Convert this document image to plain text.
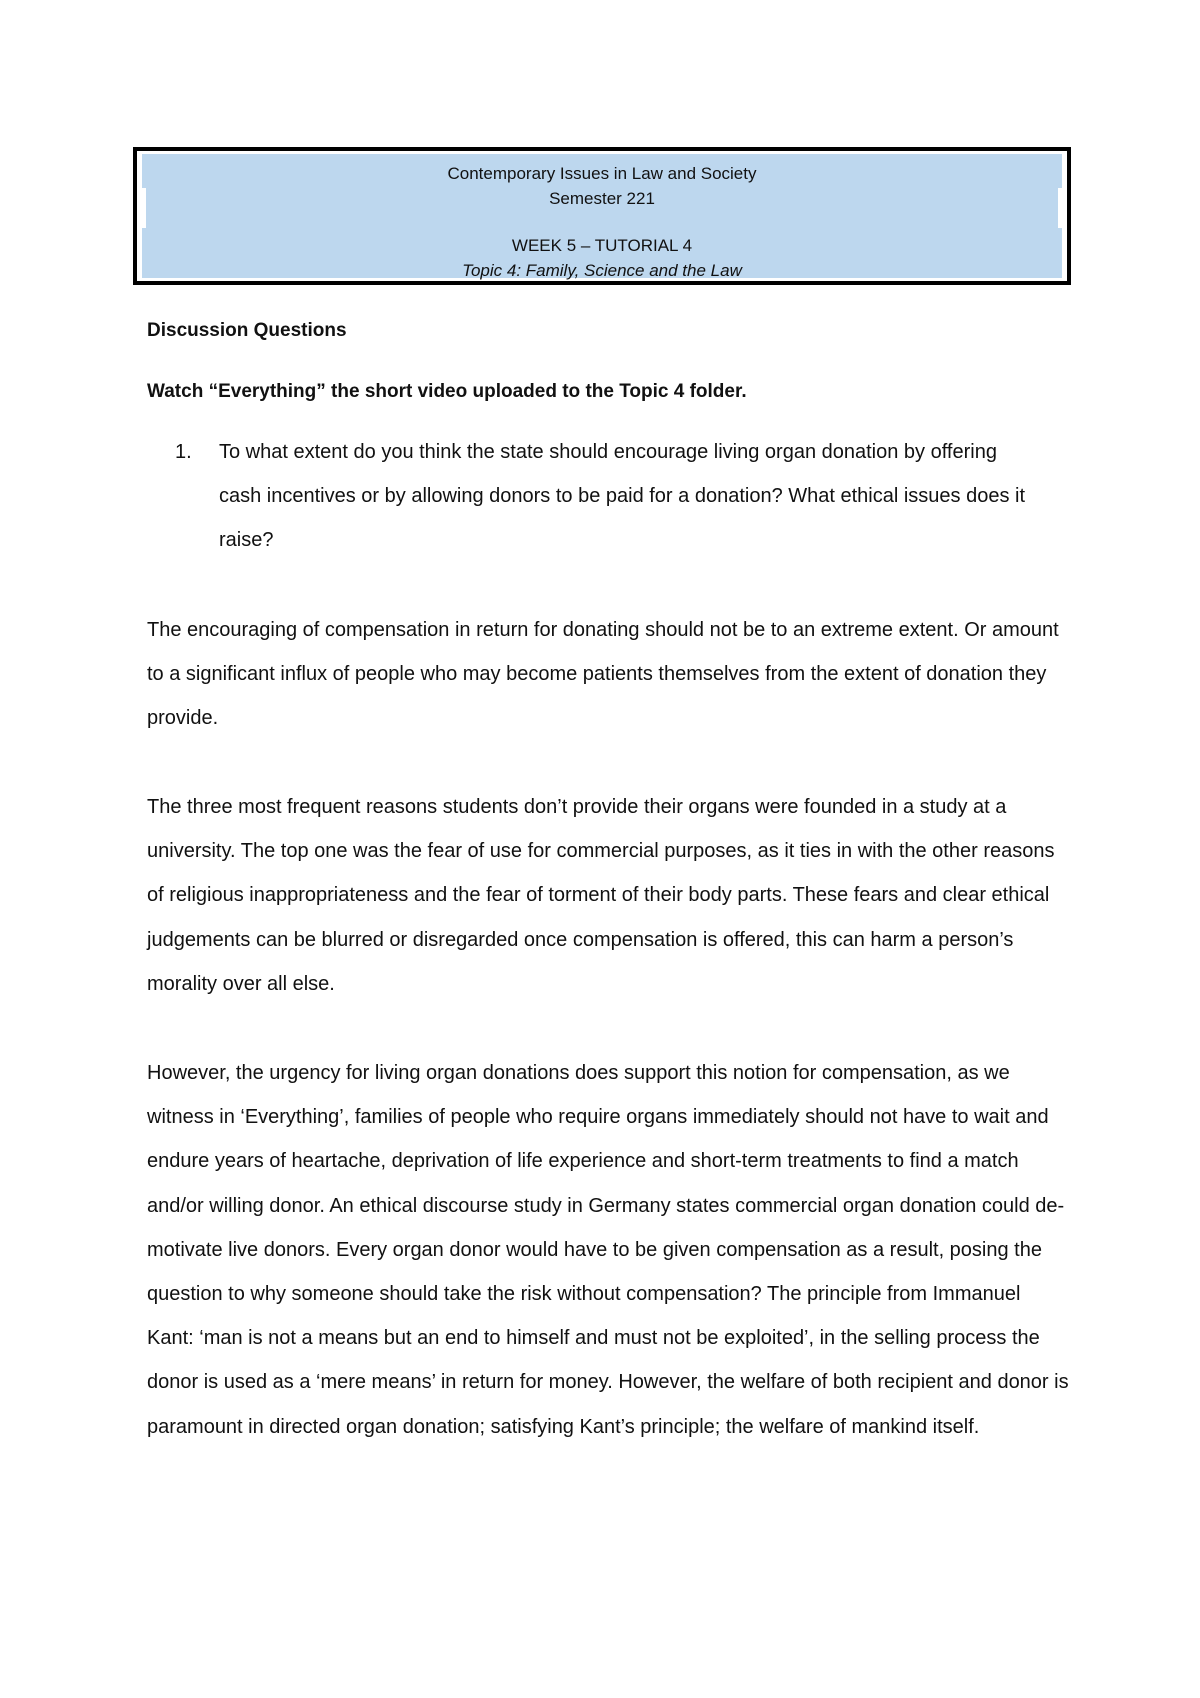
Contemporary Issues in Law and Society
Semester 221
WEEK 5 – TUTORIAL 4
Topic 4: Family, Science and the Law
Discussion Questions
Watch “Everything” the short video uploaded to the Topic 4 folder.
1.	To what extent do you think the state should encourage living organ donation by offering cash incentives or by allowing donors to be paid for a donation? What ethical issues does it raise?

The encouraging of compensation in return for donating should not be to an extreme extent. Or amount to a significant influx of people who may become patients themselves from the extent of donation they provide.

The three most frequent reasons students don’t provide their organs were founded in a study at a university. The top one was the fear of use for commercial purposes, as it ties in with the other reasons of religious inappropriateness and the fear of torment of their body parts. These fears and clear ethical judgements can be blurred or disregarded once compensation is offered, this can harm a person’s morality over all else.

However, the urgency for living organ donations does support this notion for compensation, as we witness in ‘Everything’, families of people who require organs immediately should not have to wait and endure years of heartache, deprivation of life experience and short-term treatments to find a match and/or willing donor. An ethical discourse study in Germany states commercial organ donation could de-motivate live donors. Every organ donor would have to be given compensation as a result, posing the question to why someone should take the risk without compensation? The principle from Immanuel Kant: ‘man is not a means but an end to himself and must not be exploited’, in the selling process the donor is used as a ‘mere means’ in return for money. However, the welfare of both recipient and donor is paramount in directed organ donation; satisfying Kant’s principle; the welfare of mankind itself.
